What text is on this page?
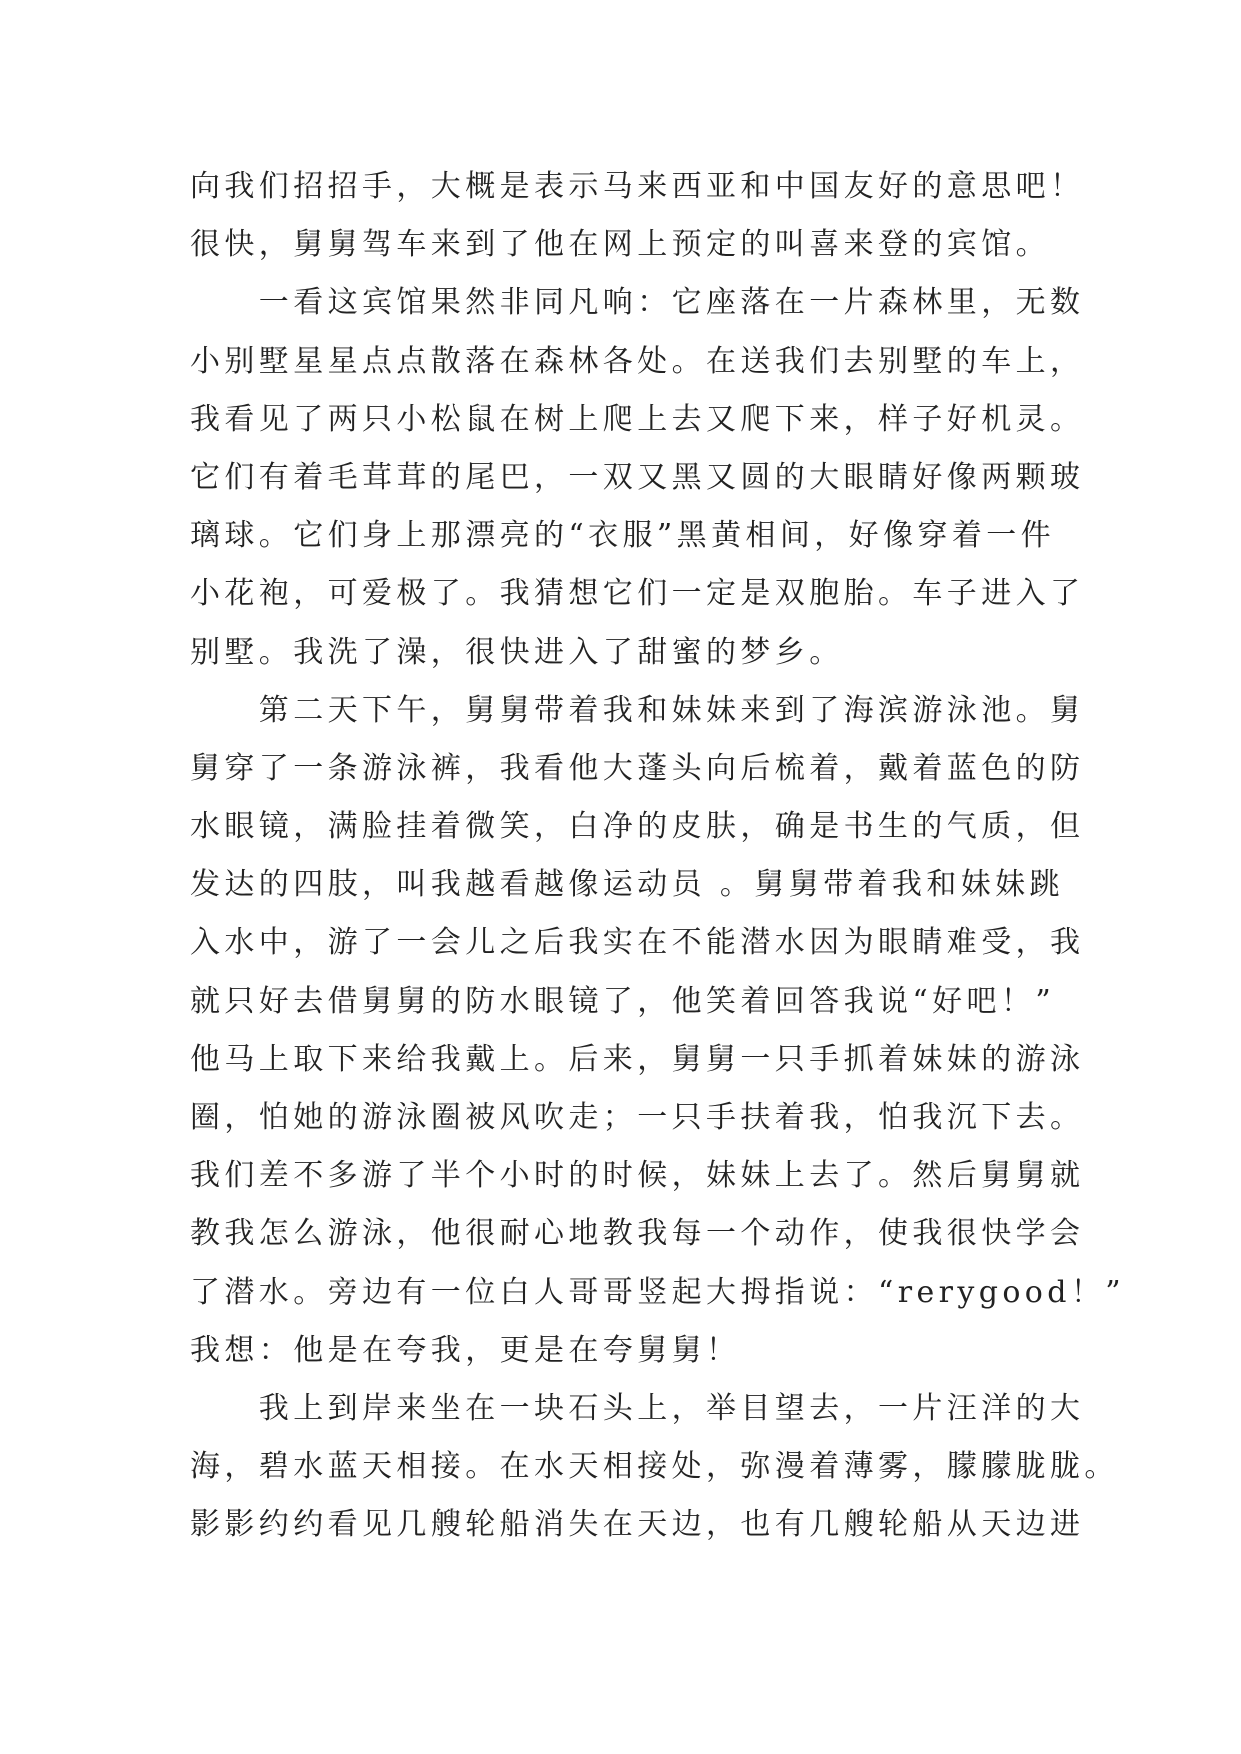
向我们招招手，大概是表示马来西亚和中国友好的意思吧！
很快，舅舅驾车来到了他在网上预定的叫喜来登的宾馆。
　　一看这宾馆果然非同凡响：它座落在一片森林里，无数
小别墅星星点点散落在森林各处。在送我们去别墅的车上，
我看见了两只小松鼠在树上爬上去又爬下来，样子好机灵。
它们有着毛茸茸的尾巴，一双又黑又圆的大眼睛好像两颗玻
璃球。它们身上那漂亮的“衣服”黑黄相间，好像穿着一件
小花袍，可爱极了。我猜想它们一定是双胞胎。车子进入了
别墅。我洗了澡，很快进入了甜蜜的梦乡。
　　第二天下午，舅舅带着我和妹妹来到了海滨游泳池。舅
舅穿了一条游泳裤，我看他大蓬头向后梳着，戴着蓝色的防
水眼镜，满脸挂着微笑，白净的皮肤，确是书生的气质，但
发达的四肢，叫我越看越像运动员 。舅舅带着我和妹妹跳
入水中，游了一会儿之后我实在不能潜水因为眼睛难受，我
就只好去借舅舅的防水眼镜了，他笑着回答我说“好吧！”
他马上取下来给我戴上。后来，舅舅一只手抓着妹妹的游泳
圈，怕她的游泳圈被风吹走；一只手扶着我，怕我沉下去。
我们差不多游了半个小时的时候，妹妹上去了。然后舅舅就
教我怎么游泳，他很耐心地教我每一个动作，使我很快学会
了潜水。旁边有一位白人哥哥竖起大拇指说：“rerygood！”
我想：他是在夸我，更是在夸舅舅！
　　我上到岸来坐在一块石头上，举目望去，一片汪洋的大
海，碧水蓝天相接。在水天相接处，弥漫着薄雾，朦朦胧胧。
影影约约看见几艘轮船消失在天边，也有几艘轮船从天边进
